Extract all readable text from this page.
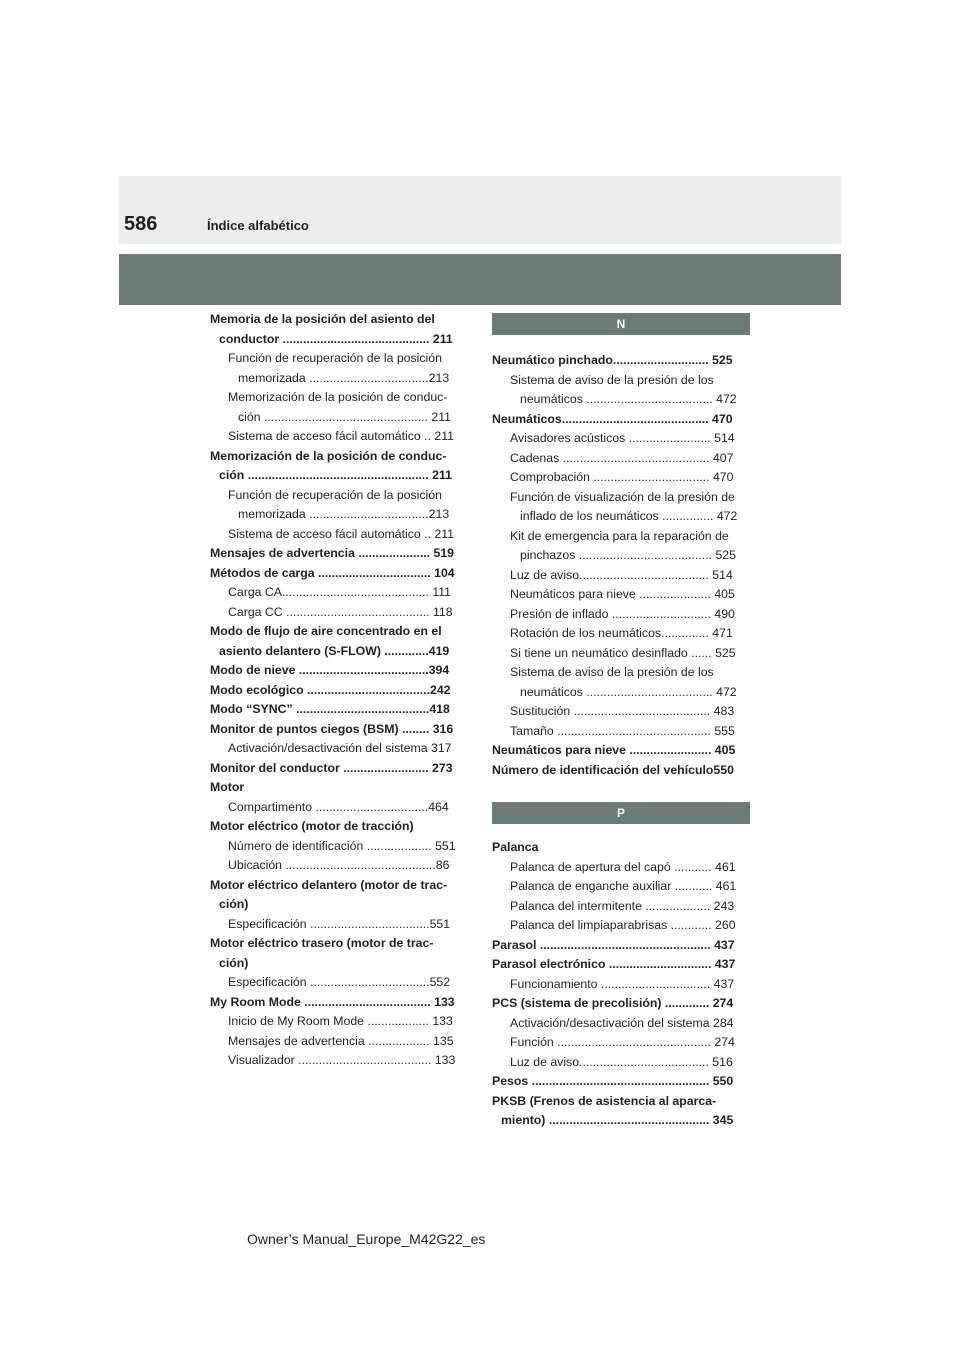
586	Índice alfabético
Memoria de la posición del asiento del conductor ........................................... 211
Función de recuperación de la posición memorizada ...................................213
Memorización de la posición de conduc-ción ................................................ 211
Sistema de acceso fácil automático .. 211
Memorización de la posición de conduc-ción ..................................................... 211
Función de recuperación de la posición memorizada ...................................213
Sistema de acceso fácil automático .. 211
Mensajes de advertencia ..................... 519
Métodos de carga ................................. 104
Carga CA........................................... 111
Carga CC .......................................... 118
Modo de flujo de aire concentrado en el asiento delantero (S-FLOW) .............419
Modo de nieve ......................................394
Modo ecológico ....................................242
Modo “SYNC” .......................................418
Monitor de puntos ciegos (BSM) ........ 316
Activación/desactivación del sistema 317
Monitor del conductor ......................... 273
Motor
Compartimento .................................464
Motor eléctrico (motor de tracción)
Número de identificación ................... 551
Ubicación ............................................86
Motor eléctrico delantero (motor de trac-ción)
Especificación ...................................551
Motor eléctrico trasero (motor de trac-ción)
Especificación ...................................552
My Room Mode ..................................... 133
Inicio de My Room Mode .................. 133
Mensajes de advertencia .................. 135
Visualizador ....................................... 133
N
Neumático pinchado............................ 525
Sistema de aviso de la presión de los neumáticos ..................................... 472
Neumáticos........................................... 470
Avisadores acústicos ........................ 514
Cadenas ........................................... 407
Comprobación .................................. 470
Función de visualización de la presión de inflado de los neumáticos ............... 472
Kit de emergencia para la reparación de pinchazos ....................................... 525
Luz de aviso...................................... 514
Neumáticos para nieve ..................... 405
Presión de inflado ............................. 490
Rotación de los neumáticos.............. 471
Si tiene un neumático desinflado ...... 525
Sistema de aviso de la presión de los neumáticos ..................................... 472
Sustitución ........................................ 483
Tamaño ............................................. 555
Neumáticos para nieve ........................ 405
Número de identificación del vehículo550
P
Palanca
Palanca de apertura del capó ........... 461
Palanca de enganche auxiliar ........... 461
Palanca del intermitente ................... 243
Palanca del limpiaparabrisas ............ 260
Parasol .................................................. 437
Parasol electrónico .............................. 437
Funcionamiento ................................ 437
PCS (sistema de precolisión) ............. 274
Activación/desactivación del sistema 284
Función ............................................. 274
Luz de aviso...................................... 516
Pesos .................................................... 550
PKSB (Frenos de asistencia al aparca-miento) ............................................... 345
Owner’s Manual_Europe_M42G22_es
